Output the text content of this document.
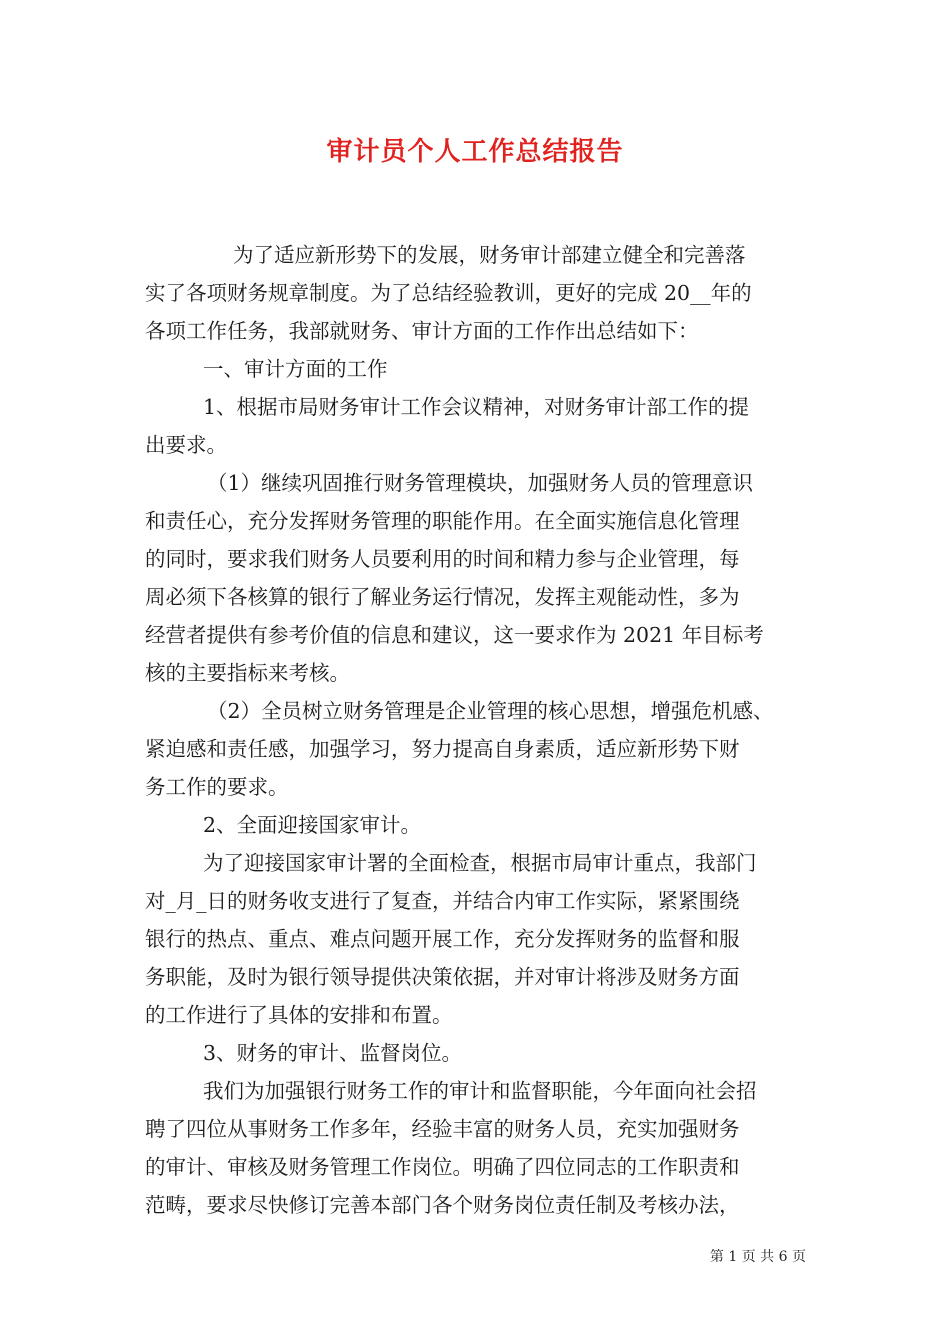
审计员个人工作总结报告

为了适应新形势下的发展，财务审计部建立健全和完善落

实了各项财务规章制度。为了总结经验教训，更好的完成 20__年的

各项工作任务，我部就财务、审计方面的工作作出总结如下：

一、审计方面的工作

1、根据市局财务审计工作会议精神，对财务审计部工作的提

出要求。

（1）继续巩固推行财务管理模块，加强财务人员的管理意识

和责任心，充分发挥财务管理的职能作用。在全面实施信息化管理

的同时，要求我们财务人员要利用的时间和精力参与企业管理，每

周必须下各核算的银行了解业务运行情况，发挥主观能动性，多为

经营者提供有参考价值的信息和建议，这一要求作为 2021 年目标考

核的主要指标来考核。

（2）全员树立财务管理是企业管理的核心思想，增强危机感、

紧迫感和责任感，加强学习，努力提高自身素质，适应新形势下财

务工作的要求。

2、全面迎接国家审计。

为了迎接国家审计署的全面检查，根据市局审计重点，我部门

对_月_日的财务收支进行了复查，并结合内审工作实际，紧紧围绕

银行的热点、重点、难点问题开展工作，充分发挥财务的监督和服

务职能，及时为银行领导提供决策依据，并对审计将涉及财务方面

的工作进行了具体的安排和布置。

3、财务的审计、监督岗位。

我们为加强银行财务工作的审计和监督职能，今年面向社会招

聘了四位从事财务工作多年，经验丰富的财务人员，充实加强财务

的审计、审核及财务管理工作岗位。明确了四位同志的工作职责和

范畴，要求尽快修订完善本部门各个财务岗位责任制及考核办法，

第 1 页 共 6 页
